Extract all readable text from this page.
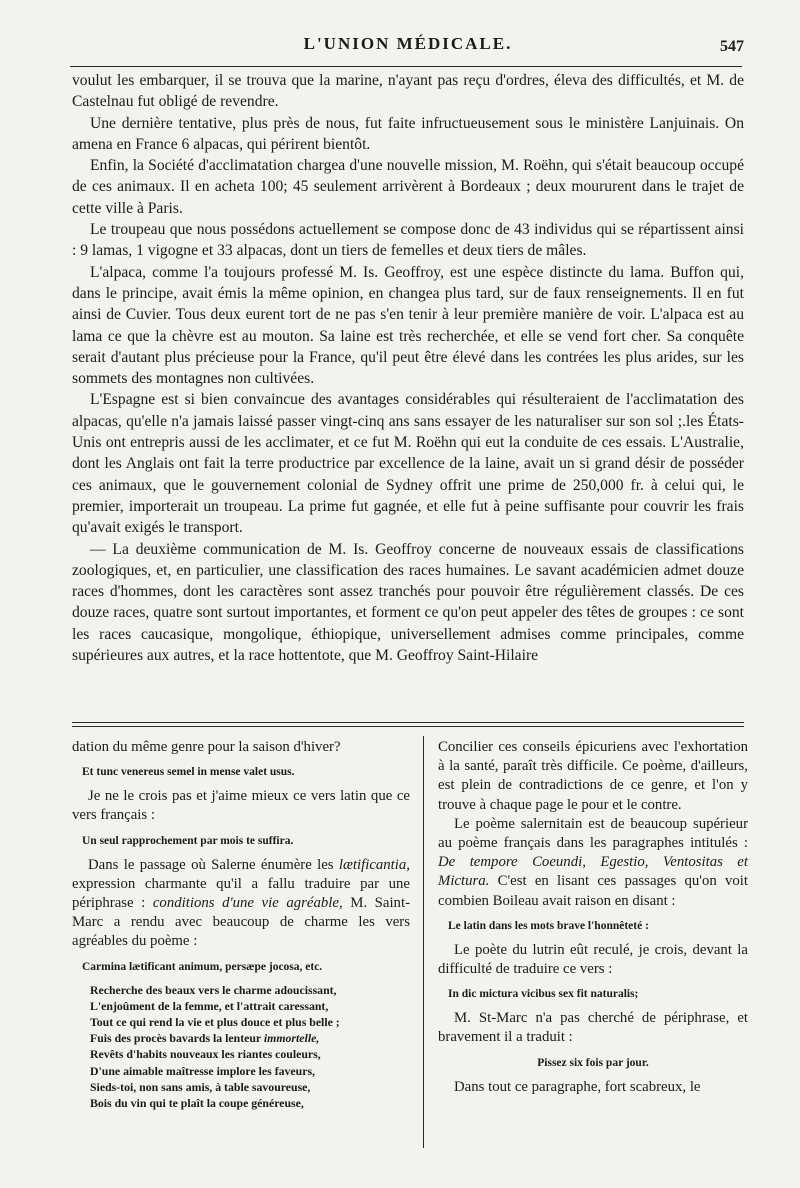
L'UNION MÉDICALE.	547

voulut les embarquer, il se trouva que la marine, n'ayant pas reçu d'ordres, éleva des difficultés, et M. de Castelnau fut obligé de revendre.

Une dernière tentative, plus près de nous, fut faite infructueusement sous le ministère Lanjuinais. On amena en France 6 alpacas, qui périrent bientôt.

Enfin, la Société d'acclimatation chargea d'une nouvelle mission, M. Roëhn, qui s'était beaucoup occupé de ces animaux. Il en acheta 100; 45 seulement arrivèrent à Bordeaux ; deux moururent dans le trajet de cette ville à Paris.

Le troupeau que nous possédons actuellement se compose donc de 43 individus qui se répartissent ainsi : 9 lamas, 1 vigogne et 33 alpacas, dont un tiers de femelles et deux tiers de mâles.

L'alpaca, comme l'a toujours professé M. Is. Geoffroy, est une espèce distincte du lama. Buffon qui, dans le principe, avait émis la même opinion, en changea plus tard, sur de faux renseignements. Il en fut ainsi de Cuvier. Tous deux eurent tort de ne pas s'en tenir à leur première manière de voir. L'alpaca est au lama ce que la chèvre est au mouton. Sa laine est très recherchée, et elle se vend fort cher. Sa conquête serait d'autant plus précieuse pour la France, qu'il peut être élevé dans les contrées les plus arides, sur les sommets des montagnes non cultivées.

L'Espagne est si bien convaincue des avantages considérables qui résulteraient de l'acclimatation des alpacas, qu'elle n'a jamais laissé passer vingt-cinq ans sans essayer de les naturaliser sur son sol ;.les États-Unis ont entrepris aussi de les acclimater, et ce fut M. Roëhn qui eut la conduite de ces essais. L'Australie, dont les Anglais ont fait la terre productrice par excellence de la laine, avait un si grand désir de posséder ces animaux, que le gouvernement colonial de Sydney offrit une prime de 250,000 fr. à celui qui, le premier, importerait un troupeau. La prime fut gagnée, et elle fut à peine suffisante pour couvrir les frais qu'avait exigés le transport.

— La deuxième communication de M. Is. Geoffroy concerne de nouveaux essais de classifications zoologiques, et, en particulier, une classification des races humaines. Le savant académicien admet douze races d'hommes, dont les caractères sont assez tranchés pour pouvoir être régulièrement classés. De ces douze races, quatre sont surtout importantes, et forment ce qu'on peut appeler des têtes de groupes : ce sont les races caucasique, mongolique, éthiopique, universellement admises comme principales, comme supérieures aux autres, et la race hottentote, que M. Geoffroy Saint-Hilaire

dation du même genre pour la saison d'hiver?

Et tunc venereus semel in mense valet usus.

Je ne le crois pas et j'aime mieux ce vers latin que ce vers français :

Un seul rapprochement par mois te suffira.

Dans le passage où Salerne énumère les lætificantia, expression charmante qu'il a fallu traduire par une périphrase : conditions d'une vie agréable, M. Saint-Marc a rendu avec beaucoup de charme les vers agréables du poème :

Carmina lætificant animum, persæpe jocosa, etc.
Recherche des beaux vers le charme adoucissant,
L'enjoûment de la femme, et l'attrait caressant,
Tout ce qui rend la vie et plus douce et plus belle ;
Fuis des procès bavards la lenteur immortelle,
Revêts d'habits nouveaux les riantes couleurs,
D'une aimable maîtresse implore les faveurs,
Sieds-toi, non sans amis, à table savoureuse,
Bois du vin qui te plaît la coupe généreuse,

Concilier ces conseils épicuriens avec l'exhortation à la santé, paraît très difficile. Ce poème, d'ailleurs, est plein de contradictions de ce genre, et l'on y trouve à chaque page le pour et le contre.

Le poème salernitain est de beaucoup supérieur au poème français dans les paragraphes intitulés : De tempore Coeundi, Egestio, Ventositas et Mictura. C'est en lisant ces passages qu'on voit combien Boileau avait raison en disant :

Le latin dans les mots brave l'honnêteté :

Le poète du lutrin eût reculé, je crois, devant la difficulté de traduire ce vers :

In dic mictura vicibus sex fit naturalis;

M. St-Marc n'a pas cherché de périphrase, et bravement il a traduit :

Pissez six fois par jour.

Dans tout ce paragraphe, fort scabreux, le
